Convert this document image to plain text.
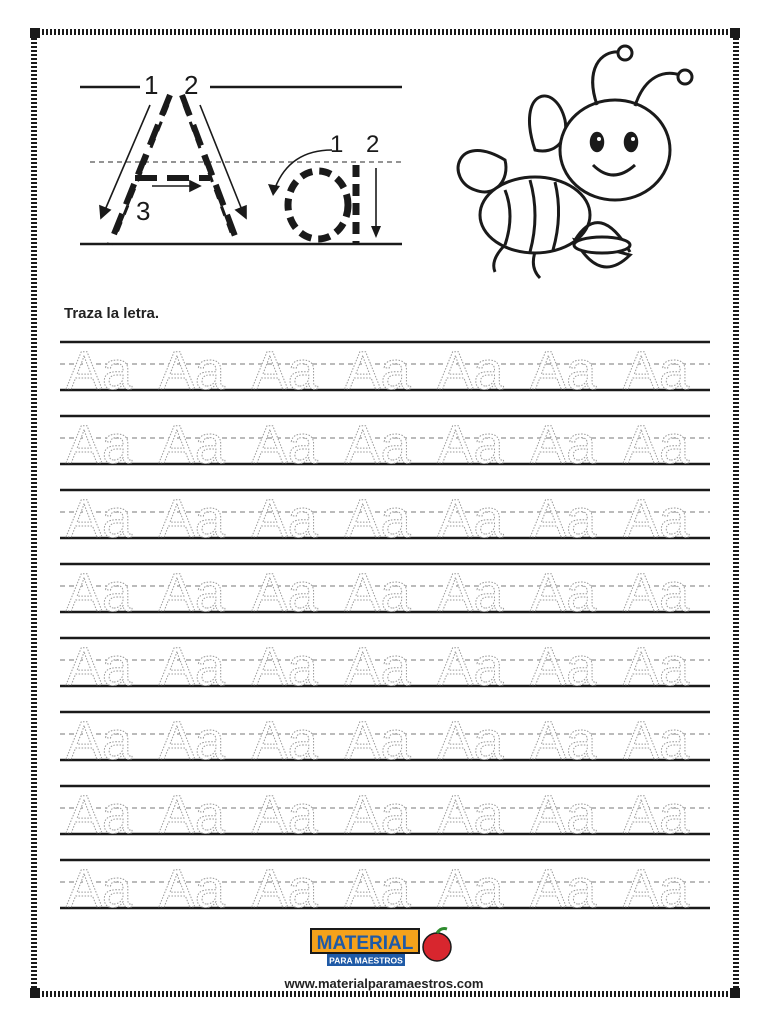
1 2
3
1 2
Traza la letra.
Aa Aa Aa Aa Aa Aa Aa
Aa Aa Aa Aa Aa Aa Aa
Aa Aa Aa Aa Aa Aa Aa
Aa Aa Aa Aa Aa Aa Aa
Aa Aa Aa Aa Aa Aa Aa
Aa Aa Aa Aa Aa Aa Aa
Aa Aa Aa Aa Aa Aa Aa
Aa Aa Aa Aa Aa Aa Aa
MATERIAL
PARA MAESTROS
www.materialparamaestros.com
